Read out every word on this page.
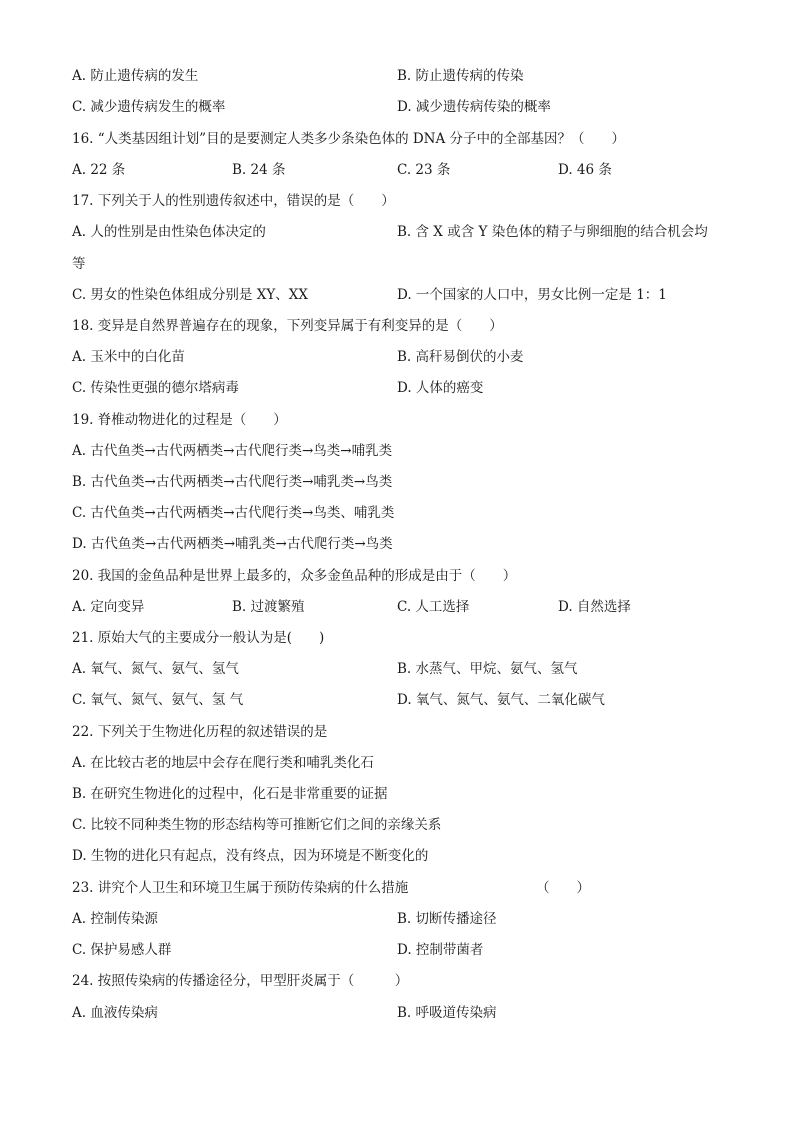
A. 防止遗传病的发生	B. 防止遗传病的传染
C. 减少遗传病发生的概率	D. 减少遗传病传染的概率
16. “人类基因组计划”目的是要测定人类多少条染色体的 DNA 分子中的全部基因？（　　）
A. 22 条	B. 24 条	C. 23 条	D. 46 条
17. 下列关于人的性别遗传叙述中，错误的是（　　）
A. 人的性别是由性染色体决定的	B. 含 X 或含 Y 染色体的精子与卵细胞的结合机会均
等
C. 男女的性染色体组成分别是 XY、XX	D. 一个国家的人口中，男女比例一定是 1：1
18. 变异是自然界普遍存在的现象，下列变异属于有利变异的是（　　）
A. 玉米中的白化苗	B. 高秆易倒伏的小麦
C. 传染性更强的德尔塔病毒	D. 人体的癌变
19. 脊椎动物进化的过程是（　　）
A. 古代鱼类→古代两栖类→古代爬行类→鸟类→哺乳类
B. 古代鱼类→古代两栖类→古代爬行类→哺乳类→鸟类
C. 古代鱼类→古代两栖类→古代爬行类→鸟类、哺乳类
D. 古代鱼类→古代两栖类→哺乳类→古代爬行类→鸟类
20. 我国的金鱼品种是世界上最多的，众多金鱼品种的形成是由于（　　）
A. 定向变异	B. 过渡繁殖	C. 人工选择	D. 自然选择
21. 原始大气的主要成分一般认为是(　　)
A. 氧气、氮气、氨气、氢气	B. 水蒸气、甲烷、氨气、氢气
C. 氧气、氮气、氨气、氢 气	D. 氧气、氮气、氨气、二氧化碳气
22. 下列关于生物进化历程的叙述错误的是
A. 在比较古老的地层中会存在爬行类和哺乳类化石
B. 在研究生物进化的过程中，化石是非常重要的证据
C. 比较不同种类生物的形态结构等可推断它们之间的亲缘关系
D. 生物的进化只有起点，没有终点，因为环境是不断变化的
23. 讲究个人卫生和环境卫生属于预防传染病的什么措施	（　　）
A. 控制传染源	B. 切断传播途径
C. 保护易感人群	D. 控制带菌者
24. 按照传染病的传播途径分，甲型肝炎属于（　　　）
A. 血液传染病	B. 呼吸道传染病
